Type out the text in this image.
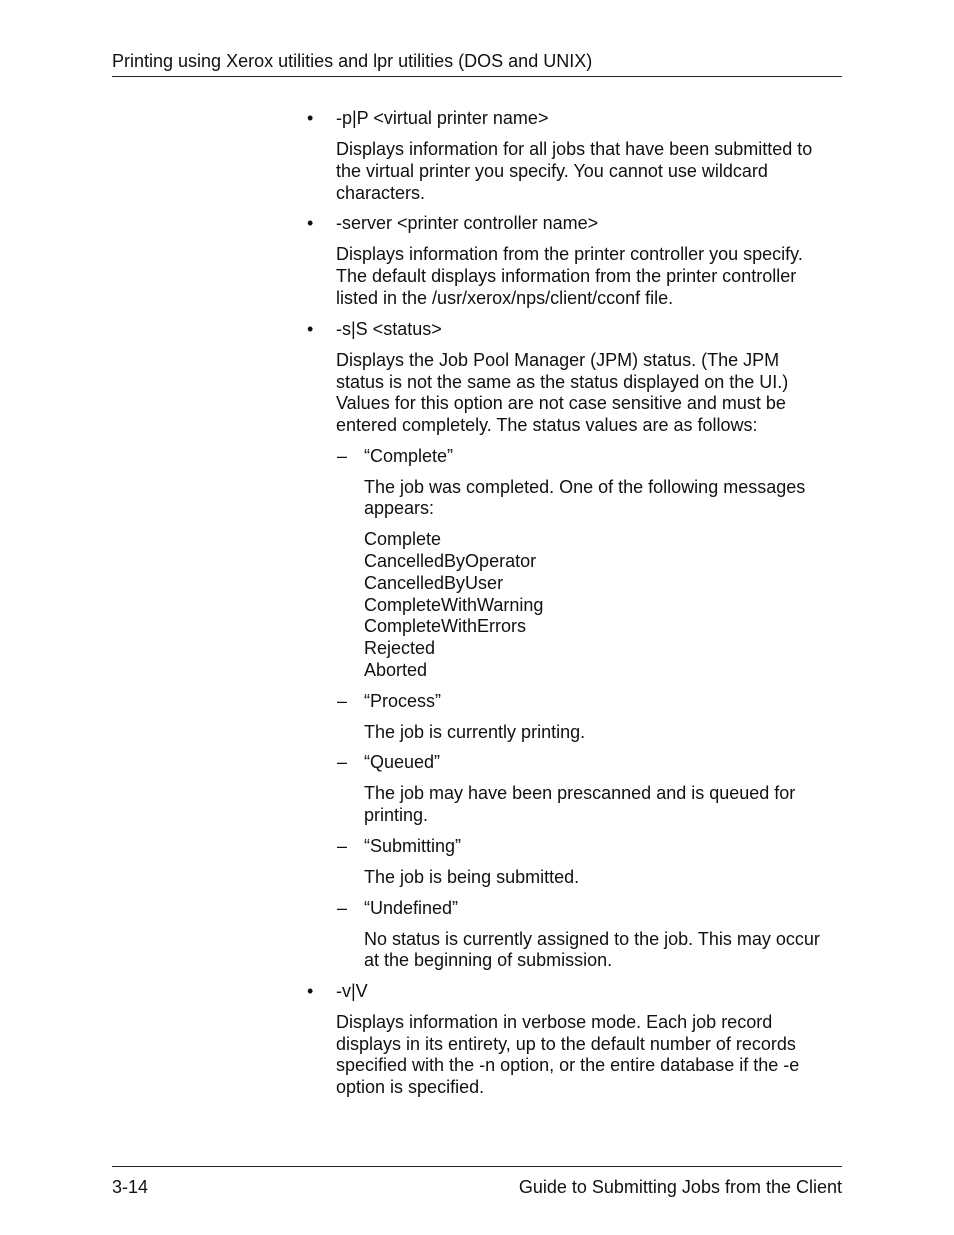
Printing using Xerox utilities and lpr utilities (DOS and UNIX)
• -p|P <virtual printer name>
Displays information for all jobs that have been submitted to
the virtual printer you specify. You cannot use wildcard
characters.
• -server <printer controller name>
Displays information from the printer controller you specify.
The default displays information from the printer controller
listed in the /usr/xerox/nps/client/cconf file.
• -s|S <status>
Displays the Job Pool Manager (JPM) status. (The JPM
status is not the same as the status displayed on the UI.)
Values for this option are not case sensitive and must be
entered completely. The status values are as follows:
– “Complete”
The job was completed. One of the following messages
appears:
Complete
CancelledByOperator
CancelledByUser
CompleteWithWarning
CompleteWithErrors
Rejected
Aborted
– “Process”
The job is currently printing.
– “Queued”
The job may have been prescanned and is queued for
printing.
– “Submitting”
The job is being submitted.
– “Undefined”
No status is currently assigned to the job. This may occur
at the beginning of submission.
• -v|V
Displays information in verbose mode. Each job record
displays in its entirety, up to the default number of records
specified with the -n option, or the entire database if the -e
option is specified.
3-14	Guide to Submitting Jobs from the Client
